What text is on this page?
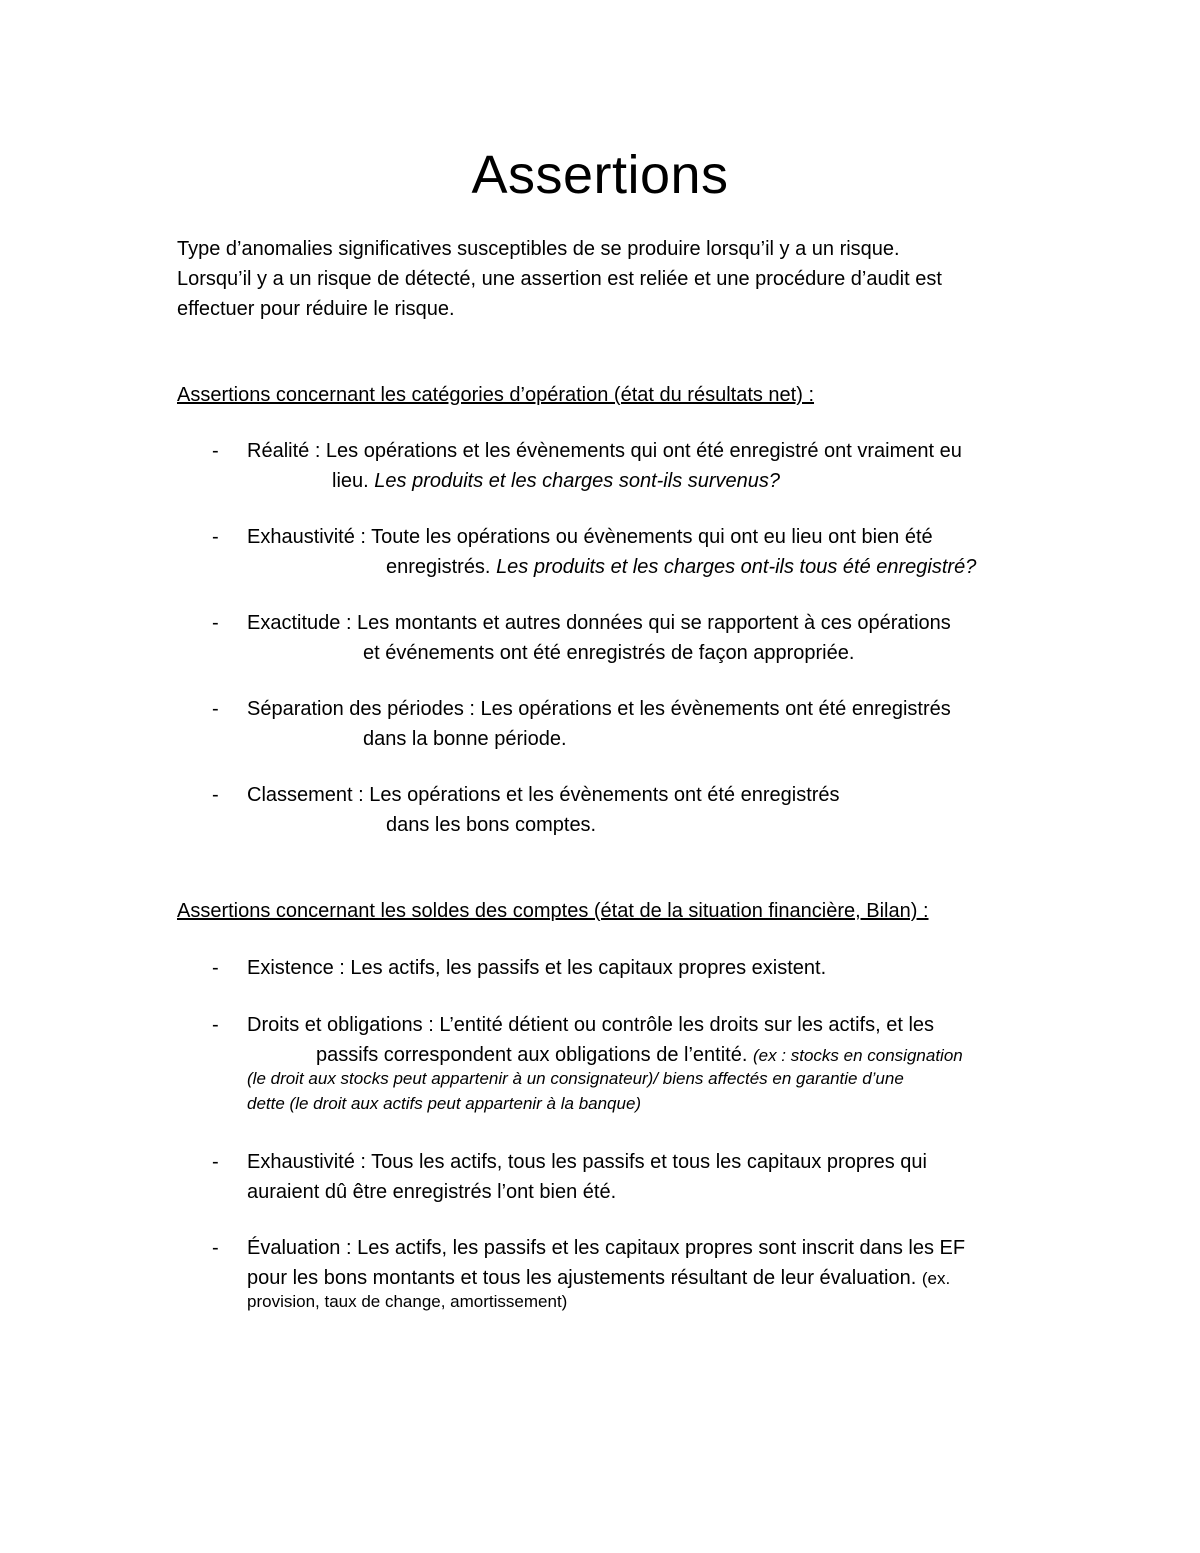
Assertions
Type d’anomalies significatives susceptibles de se produire lorsqu’il y a un risque.
Lorsqu’il y a un risque de détecté, une assertion est reliée et une procédure d’audit est
effectuer pour réduire le risque.
Assertions concernant les catégories d’opération (état du résultats net) :
- Réalité : Les opérations et les évènements qui ont été enregistré ont vraiment eu
lieu. Les produits et les charges sont-ils survenus?
- Exhaustivité : Toute les opérations ou évènements qui ont eu lieu ont bien été
enregistrés. Les produits et les charges ont-ils tous été enregistré?
- Exactitude : Les montants et autres données qui se rapportent à ces opérations
et événements ont été enregistrés de façon appropriée.
- Séparation des périodes : Les opérations et les évènements ont été enregistrés
dans la bonne période.
- Classement : Les opérations et les évènements ont été enregistrés
dans les bons comptes.
Assertions concernant les soldes des comptes (état de la situation financière, Bilan) :
- Existence : Les actifs, les passifs et les capitaux propres existent.
- Droits et obligations : L’entité détient ou contrôle les droits sur les actifs, et les
passifs correspondent aux obligations de l’entité. (ex : stocks en consignation
(le droit aux stocks peut appartenir à un consignateur)/ biens affectés en garantie d’une
dette (le droit aux actifs peut appartenir à la banque)
- Exhaustivité : Tous les actifs, tous les passifs et tous les capitaux propres qui
auraient dû être enregistrés l’ont bien été.
- Évaluation : Les actifs, les passifs et les capitaux propres sont inscrit dans les EF
pour les bons montants et tous les ajustements résultant de leur évaluation. (ex.
provision, taux de change, amortissement)
